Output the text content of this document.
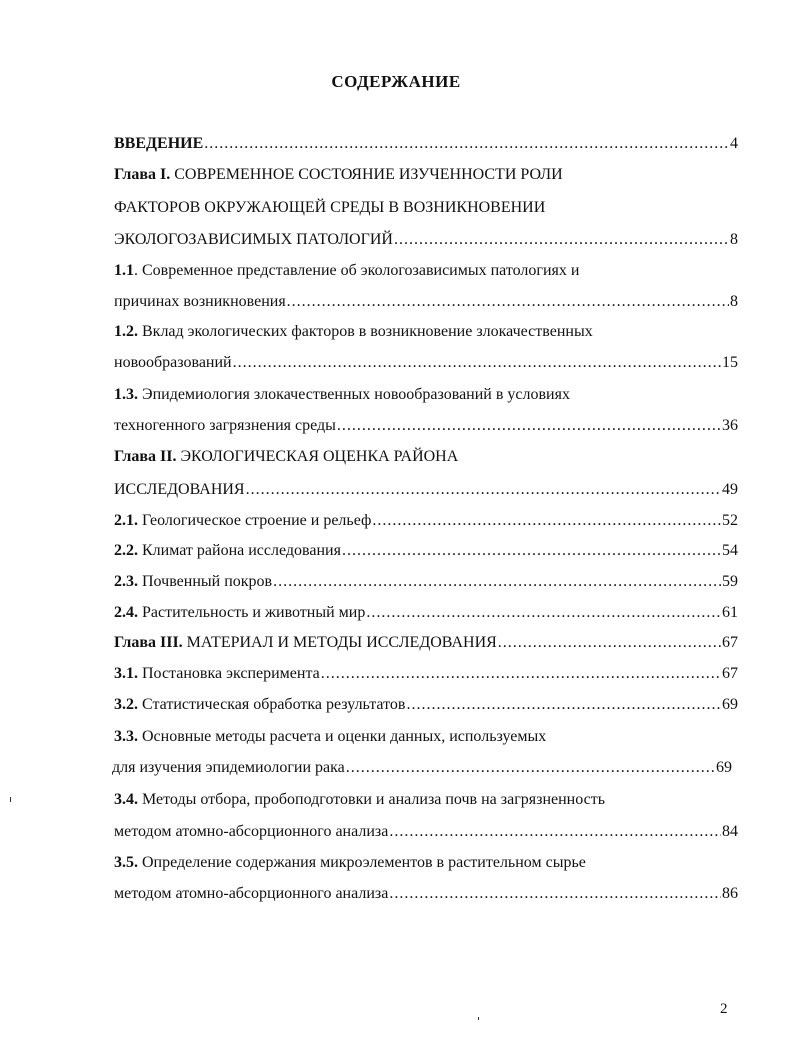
СОДЕРЖАНИЕ
ВВЕДЕНИЕ .....	4
Глава I. СОВРЕМЕННОЕ СОСТОЯНИЕ ИЗУЧЕННОСТИ РОЛИ
ФАКТОРОВ ОКРУЖАЮЩЕЙ СРЕДЫ В ВОЗНИКНОВЕНИИ
ЭКОЛОГОЗАВИСИМЫХ ПАТОЛОГИЙ .....	8
1.1. Современное представление об экологозависимых патологиях и
причинах возникновения .....	8
1.2. Вклад экологических факторов в возникновение злокачественных
новообразований .....	15
1.3. Эпидемиология злокачественных новообразований в условиях
техногенного загрязнения среды .....	36
Глава II. ЭКОЛОГИЧЕСКАЯ ОЦЕНКА РАЙОНА
ИССЛЕДОВАНИЯ .....	49
2.1. Геологическое строение и рельеф .....	52
2.2. Климат района исследования .....	54
2.3. Почвенный покров .....	59
2.4. Растительность и животный мир .....	61
Глава III. МАТЕРИАЛ И МЕТОДЫ ИССЛЕДОВАНИЯ .....	67
3.1. Постановка эксперимента .....	67
3.2. Статистическая обработка результатов .....	69
3.3. Основные методы расчета и оценки данных, используемых
для изучения эпидемиологии рака .....	69
3.4. Методы отбора, пробоподготовки и анализа почв на загрязненность
методом атомно-абсорционного анализа .....	84
3.5. Определение содержания микроэлементов в растительном сырье
методом атомно-абсорционного анализа .....	86
2
